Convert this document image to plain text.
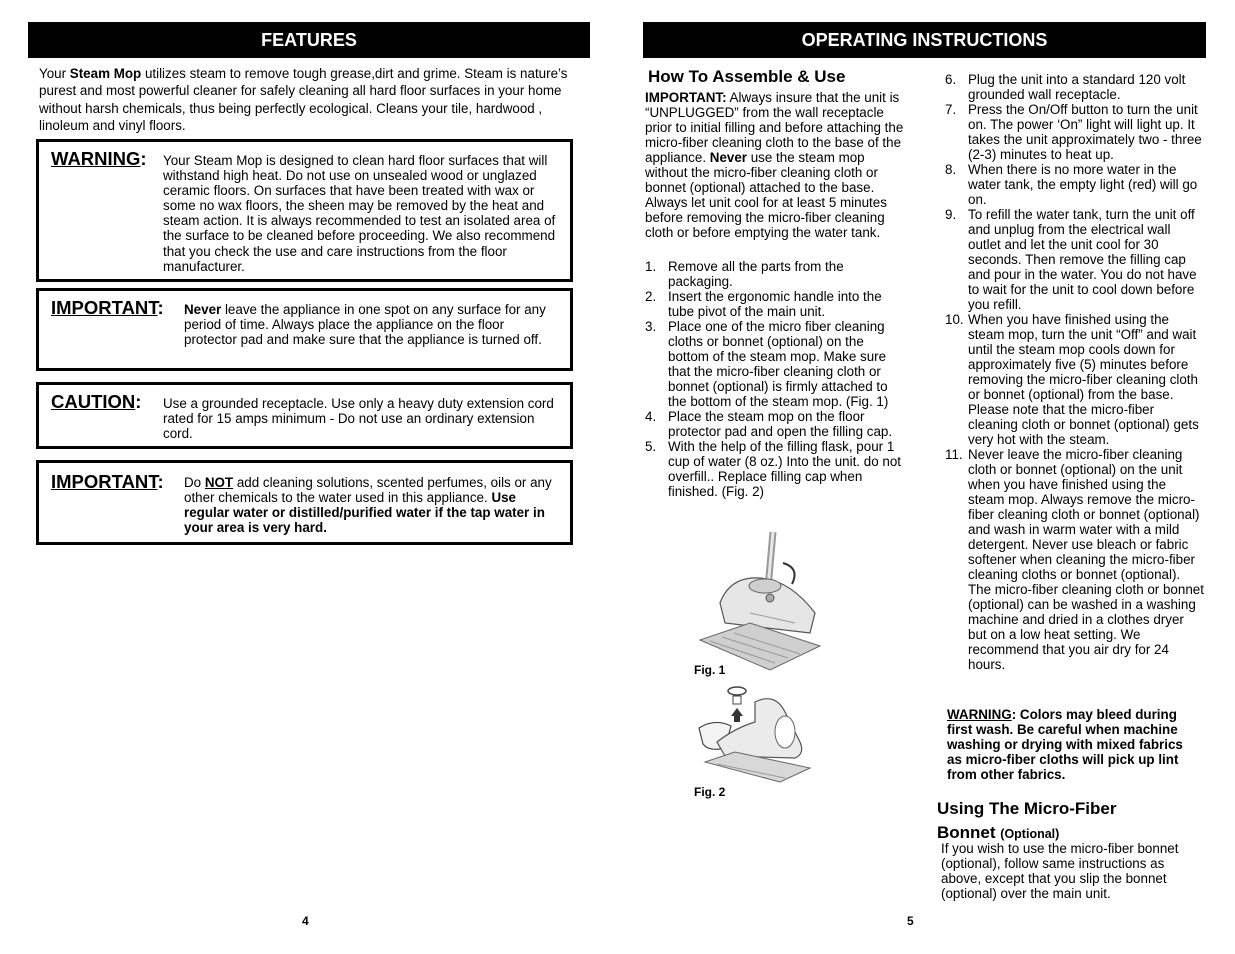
FEATURES
Your Steam Mop utilizes steam to remove tough grease,dirt and grime. Steam is nature’s purest and most powerful cleaner for safely cleaning all hard floor surfaces in your home without harsh chemicals, thus being perfectly ecological. Cleans your tile, hardwood , linoleum and vinyl floors.
WARNING: Your Steam Mop is designed to clean hard floor surfaces that will withstand high heat. Do not use on unsealed wood or unglazed ceramic floors. On surfaces that have been treated with wax or some no wax floors, the sheen may be removed by the heat and steam action. It is always recommended to test an isolated area of the surface to be cleaned before proceeding. We also recommend that you check the use and care instructions from the floor manufacturer.
IMPORTANT: Never leave the appliance in one spot on any surface for any period of time. Always place the appliance on the floor protector pad and make sure that the appliance is turned off.
CAUTION: Use a grounded receptacle. Use only a heavy duty extension cord rated for 15 amps minimum - Do not use an ordinary extension cord.
IMPORTANT: Do NOT add cleaning solutions, scented perfumes, oils or any other chemicals to the water used in this appliance. Use regular water or distilled/purified water if the tap water in your area is very hard.
4
OPERATING INSTRUCTIONS
How To Assemble & Use
IMPORTANT: Always insure that the unit is “UNPLUGGED” from the wall receptacle prior to initial filling and before attaching the micro-fiber cleaning cloth to the base of the appliance. Never use the steam mop without the micro-fiber cleaning cloth or bonnet (optional) attached to the base.
Always let unit cool for at least 5 minutes before removing the micro-fiber cleaning cloth or before emptying the water tank.
1. Remove all the parts from the packaging.
2. Insert the ergonomic handle into the tube pivot of the main unit.
3. Place one of the micro fiber cleaning cloths or bonnet (optional) on the bottom of the steam mop. Make sure that the micro-fiber cleaning cloth or bonnet (optional) is firmly attached to the bottom of the steam mop. (Fig. 1)
4. Place the steam mop on the floor protector pad and open the filling cap.
5. With the help of the filling flask, pour 1 cup of water (8 oz.) Into the unit. do not overfill.. Replace filling cap when finished. (Fig. 2)
Fig. 1
Fig. 2
6. Plug the unit into a standard 120 volt grounded wall receptacle.
7. Press the On/Off button to turn the unit on. The power ‘On” light will light up. It takes the unit approximately two - three (2-3) minutes to heat up.
8. When there is no more water in the water tank, the empty light (red) will go on.
9. To refill the water tank, turn the unit off and unplug from the electrical wall outlet and let the unit cool for 30 seconds. Then remove the filling cap and pour in the water. You do not have to wait for the unit to cool down before you refill.
10. When you have finished using the steam mop, turn the unit “Off” and wait until the steam mop cools down for approximately five (5) minutes before removing the micro-fiber cleaning cloth or bonnet (optional) from the base. Please note that the micro-fiber cleaning cloth or bonnet (optional) gets very hot with the steam.
11. Never leave the micro-fiber cleaning cloth or bonnet (optional) on the unit when you have finished using the steam mop. Always remove the micro-fiber cleaning cloth or bonnet (optional) and wash in warm water with a mild detergent. Never use bleach or fabric softener when cleaning the micro-fiber cleaning cloths or bonnet (optional). The micro-fiber cleaning cloth or bonnet (optional) can be washed in a washing machine and dried in a clothes dryer but on a low heat setting. We recommend that you air dry for 24 hours.
WARNING: Colors may bleed during first wash. Be careful when machine washing or drying with mixed fabrics as micro-fiber cloths will pick up lint from other fabrics.
Using The Micro-Fiber
Bonnet (Optional)
If you wish to use the micro-fiber bonnet (optional), follow same instructions as above, except that you slip the bonnet (optional) over the main unit.
5
